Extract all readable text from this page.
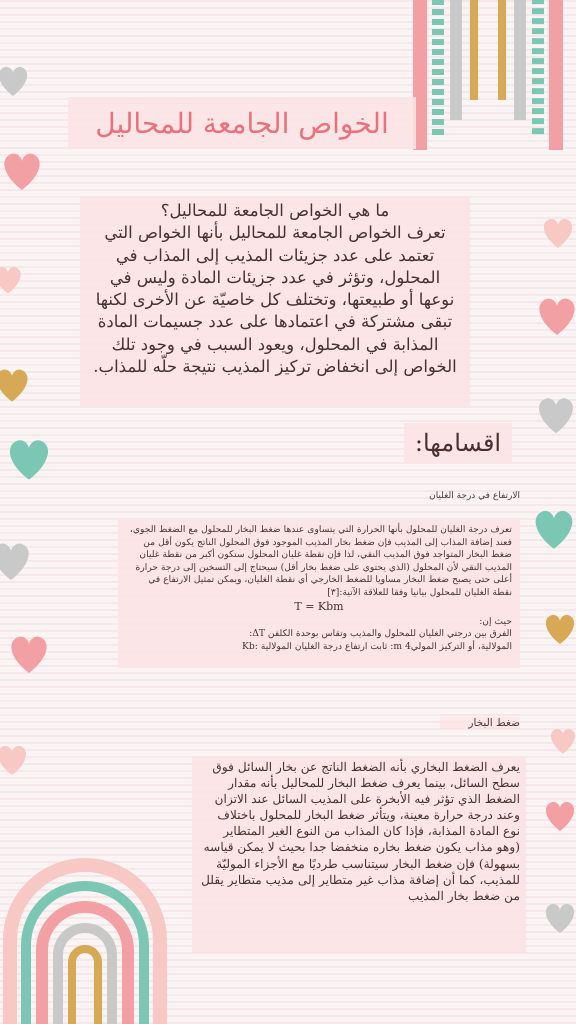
الخواص الجامعة للمحاليل
ما هي الخواص الجامعة للمحاليل؟
تعرف الخواص الجامعة للمحاليل بأنها الخواص التي تعتمد على عدد جزيئات المذيب إلى المذاب في المحلول، وتؤثر في عدد جزيئات المادة وليس في نوعها أو طبيعتها، وتختلف كل خاصيّة عن الأخرى لكنها تبقى مشتركة في اعتمادها على عدد جسيمات المادة المذابة في المحلول، ويعود السبب في وجود تلك الخواص إلى انخفاض تركيز المذيب نتيجة حلّه للمذاب.
اقسامها:
الارتفاع في درجة الغليان
تعرف درجة الغليان للمحلول بأنها الحرارة التي يتساوى عندها ضغط البخار للمحلول مع الضغط الجوي، فعند إضافة المذاب إلى المذيب فإن ضغط بخار المذيب الموجود فوق المحلول الناتج يكون أقل من ضغط البخار المتواجد فوق المذيب النقي، لذا فإن نقطة غليان المحلول ستكون أكبر من نقطة غليان المذيب النقي لأن المحلول (الذي يحتوي على ضغط بخار أقل) سيحتاج إلى التسخين إلى درجة حرارة أعلى حتى يصبح ضغط البخار مساويا للضغط الخارجي أي نقطة الغليان، ويمكن تمثيل الارتفاع في نقطة الغليان للمحلول بيانيا وفقا للعلاقة الآتية:[٣]
T = Kbm
حيث إن:
الفرق بين درجتي الغليان للمحلول والمذيب وتقاس بوحدة الكلفن ΔT:
المولالية، أو التركيز المولي‏4 m: ثابت ارتفاع درجة الغليان المولالية :Kb
ضغط البخار
يعرف الضغط البخاري بأنه الضغط الناتج عن بخار السائل فوق سطح السائل، بينما يعرف ضغط البخار للمحاليل بأنه مقدار الضغط الذي تؤثر فيه الأبخرة على المذيب السائل عند الاتزان وعند درجة حرارة معينة، ويتأثر ضغط البخار للمحلول باختلاف نوع المادة المذابة، فإذا كان المذاب من النوع الغير المتطاير (وهو مذاب يكون ضغط بخاره منخفضا جدا بحيث لا يمكن قياسه بسهولة) فإن ضغط البخار سيتناسب طرديًا مع الأجزاء الموليّة للمذيب، كما أن إضافة مذاب غير متطاير إلى مذيب متطاير يقلل من ضغط بخار المذيب
